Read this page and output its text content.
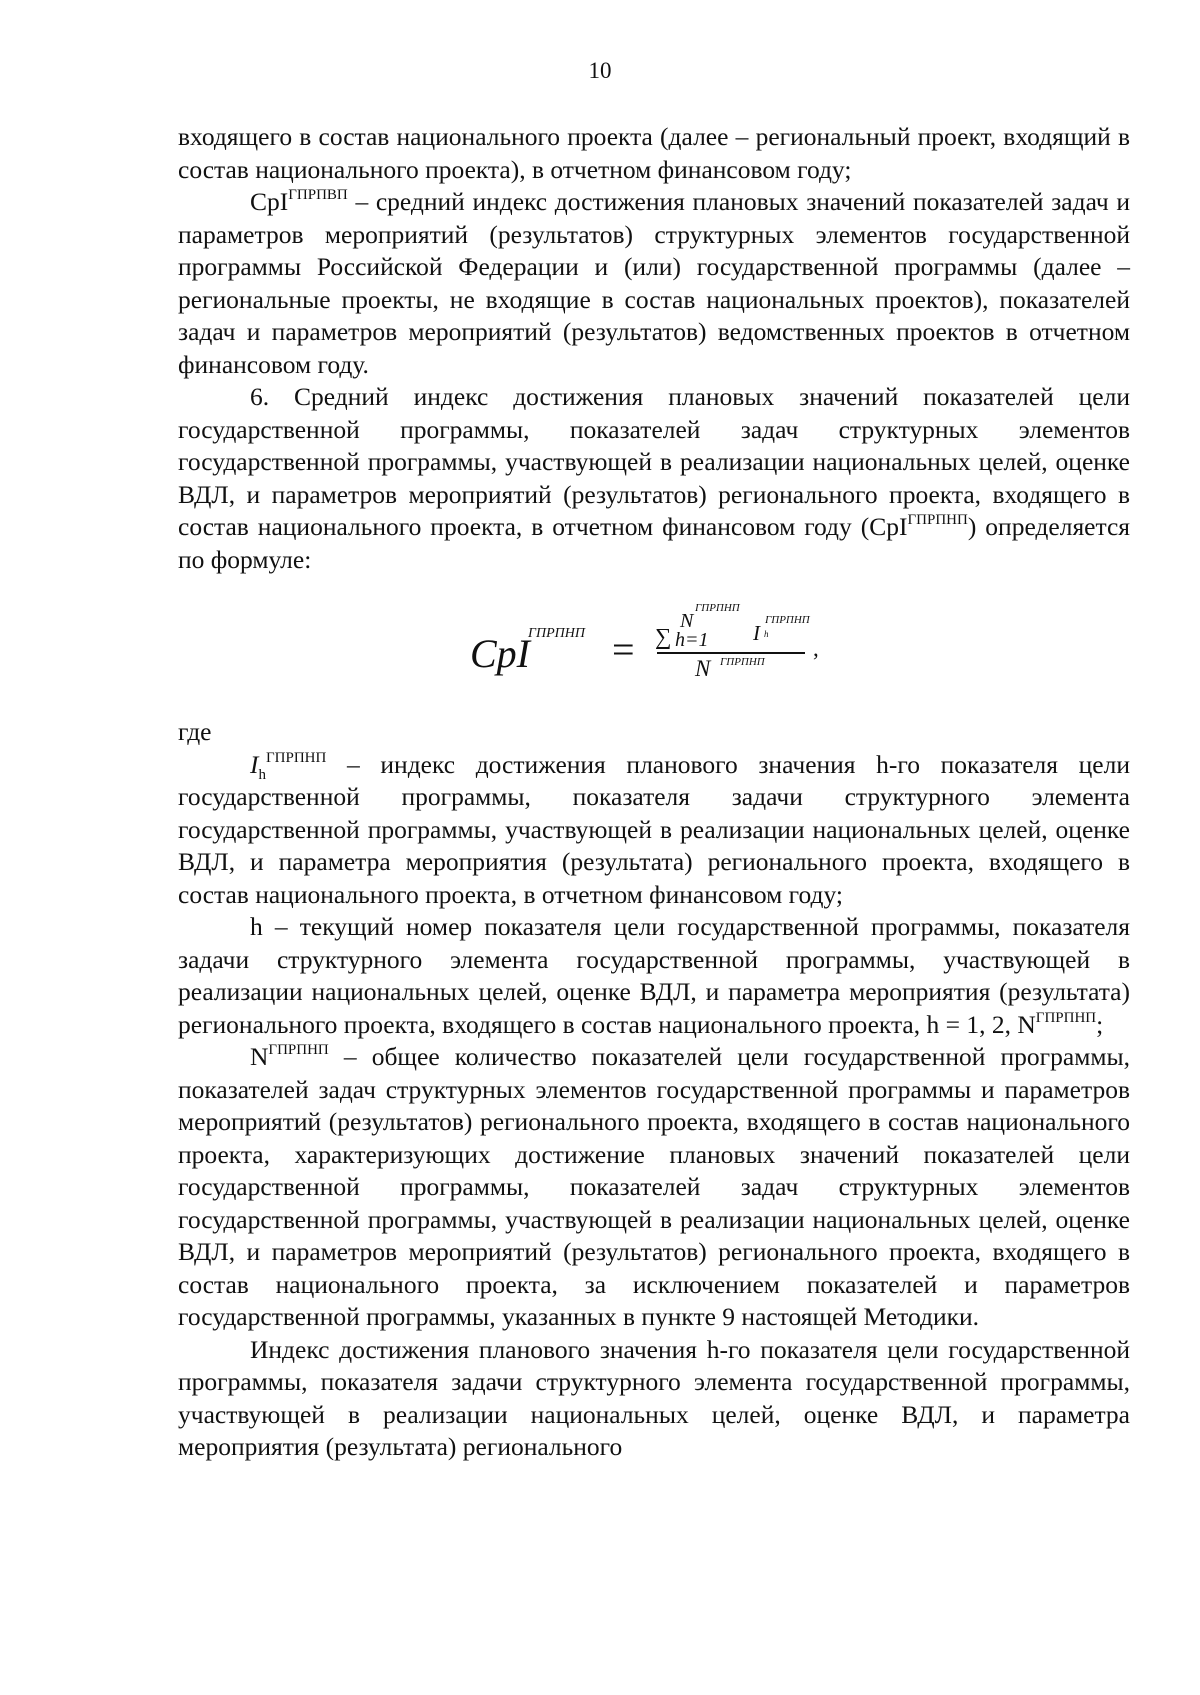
10

входящего в состав национального проекта (далее – региональный проект, входящий в состав национального проекта), в отчетном финансовом году;

CpI$^{ГПРПВП}$ – средний индекс достижения плановых значений показателей задач и параметров мероприятий (результатов) структурных элементов государственной программы Российской Федерации и (или) государственной программы (далее – региональные проекты, не входящие в состав национальных проектов), показателей задач и параметров мероприятий (результатов) ведомственных проектов в отчетном финансовом году.

6. Средний индекс достижения плановых значений показателей цели государственной программы, показателей задач структурных элементов государственной программы, участвующей в реализации национальных целей, оценке ВДЛ, и параметров мероприятий (результатов) регионального проекта, входящего в состав национального проекта, в отчетном финансовом году (CpI$^{ГПРПНП}$) определяется по формуле:

CpI
ГПРПНП = ∑
N
ГПРПНП
h=1 I
ГПРПНП
h
N ГПРПНП
,

где

$I_h^{ГПРПНП}$ – индекс достижения планового значения h-го показателя цели государственной программы, показателя задачи структурного элемента государственной программы, участвующей в реализации национальных целей, оценке ВДЛ, и параметра мероприятия (результата) регионального проекта, входящего в состав национального проекта, в отчетном финансовом году;

h – текущий номер показателя цели государственной программы, показателя задачи структурного элемента государственной программы, участвующей в реализации национальных целей, оценке ВДЛ, и параметра мероприятия (результата) регионального проекта, входящего в состав национального проекта, h = 1, 2, $N^{ГПРПНП}$;

$N^{ГПРПНП}$ – общее количество показателей цели государственной программы, показателей задач структурных элементов государственной программы и параметров мероприятий (результатов) регионального проекта, входящего в состав национального проекта, характеризующих достижение плановых значений показателей цели государственной программы, показателей задач структурных элементов государственной программы, участвующей в реализации национальных целей, оценке ВДЛ, и параметров мероприятий (результатов) регионального проекта, входящего в состав национального проекта, за исключением показателей и параметров государственной программы, указанных в пункте 9 настоящей Методики.

Индекс достижения планового значения h-го показателя цели государственной программы, показателя задачи структурного элемента государственной программы, участвующей в реализации национальных целей, оценке ВДЛ, и параметра мероприятия (результата) регионального
